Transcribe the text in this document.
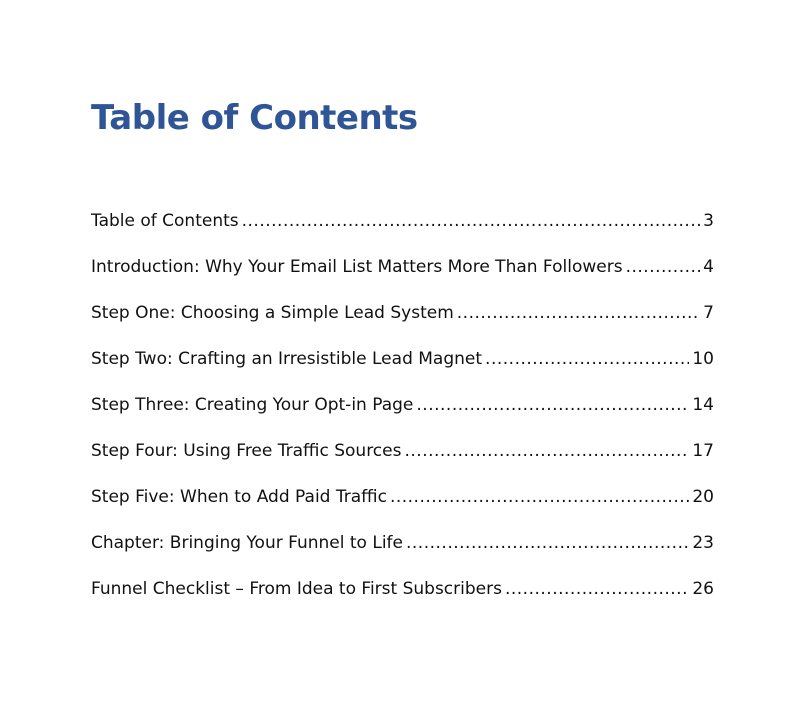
Table of Contents
Table of Contents .....	3
Introduction: Why Your Email List Matters More Than Followers .....	4
Step One: Choosing a Simple Lead System .....	7
Step Two: Crafting an Irresistible Lead Magnet .....	10
Step Three: Creating Your Opt-in Page .....	14
Step Four: Using Free Traffic Sources .....	17
Step Five: When to Add Paid Traffic .....	20
Chapter: Bringing Your Funnel to Life .....	23
Funnel Checklist – From Idea to First Subscribers .....	26
